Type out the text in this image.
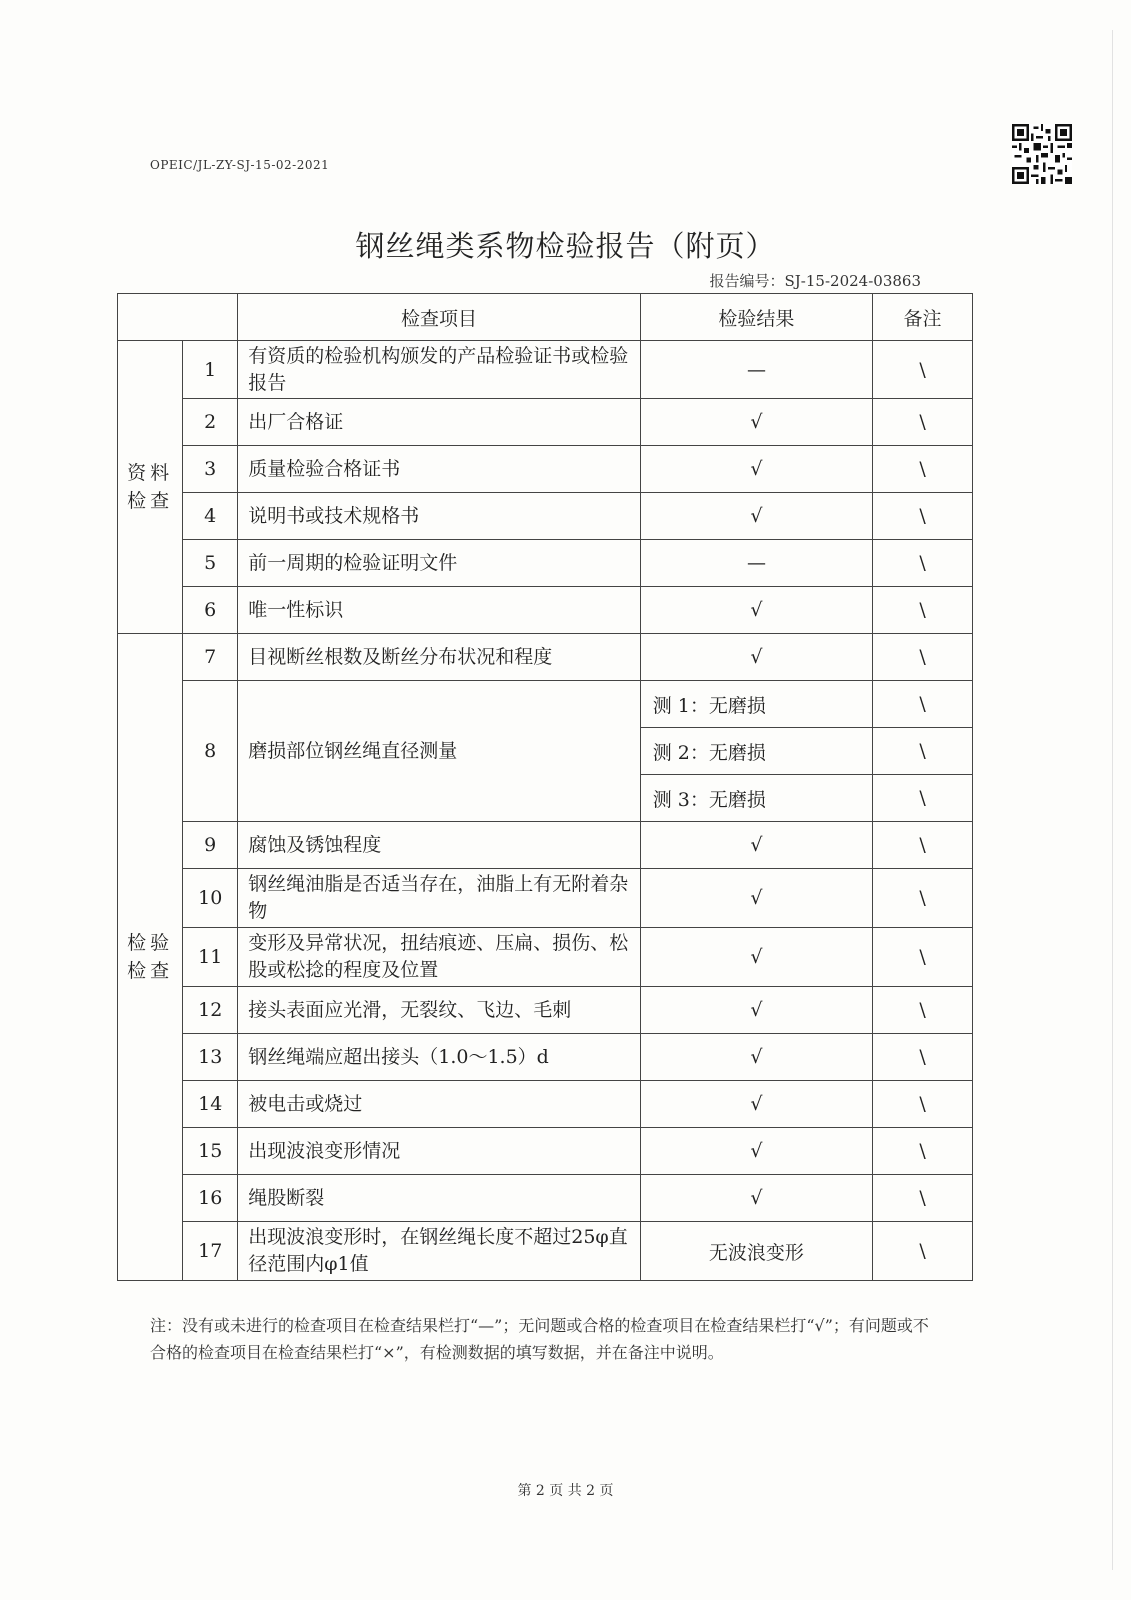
OPEIC/JL-ZY-SJ-15-02-2021
钢丝绳类系物检验报告（附页）
报告编号：SJ-15-2024-03863
		检查项目	检验结果	备注
资料检查	1	有资质的检验机构颁发的产品检验证书或检验报告	—	\
	2	出厂合格证	√	\
	3	质量检验合格证书	√	\
	4	说明书或技术规格书	√	\
	5	前一周期的检验证明文件	—	\
	6	唯一性标识	√	\
检验检查	7	目视断丝根数及断丝分布状况和程度	√	\
	8	磨损部位钢丝绳直径测量	测 1：无磨损	\
			测 2：无磨损	\
			测 3：无磨损	\
	9	腐蚀及锈蚀程度	√	\
	10	钢丝绳油脂是否适当存在，油脂上有无附着杂物	√	\
	11	变形及异常状况，扭结痕迹、压扁、损伤、松股或松捻的程度及位置	√	\
	12	接头表面应光滑，无裂纹、飞边、毛刺	√	\
	13	钢丝绳端应超出接头（1.0～1.5）d	√	\
	14	被电击或烧过	√	\
	15	出现波浪变形情况	√	\
	16	绳股断裂	√	\
	17	出现波浪变形时，在钢丝绳长度不超过25φ直径范围内φ1值	无波浪变形	\
注：没有或未进行的检查项目在检查结果栏打“—”；无问题或合格的检查项目在检查结果栏打“√”；有问题或不合格的检查项目在检查结果栏打“×”，有检测数据的填写数据，并在备注中说明。
第 2 页 共 2 页
